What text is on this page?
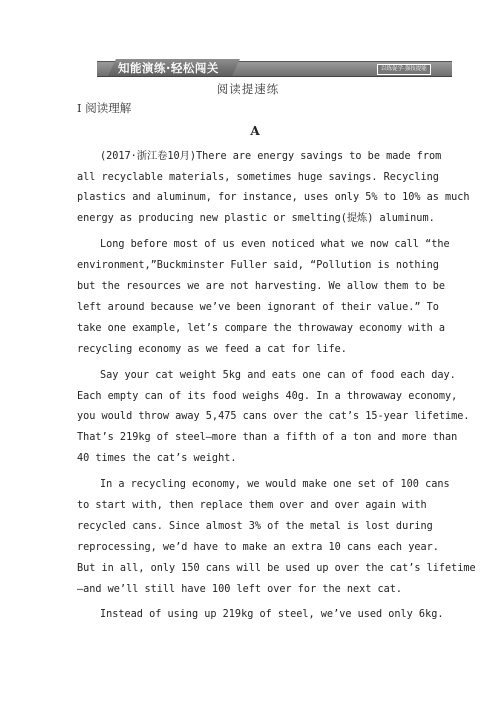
知能演练·轻松闯关	以练促学·强技提能
阅读提速练
Ⅰ 阅读理解
A
(2017·浙江卷10月)There are energy savings to be made from
all recyclable materials, sometimes huge savings. Recycling
plastics and aluminum, for instance, uses only 5% to 10% as much
energy as producing new plastic or smelting(提炼) aluminum.
Long before most of us even noticed what we now call “the
environment,”Buckminster Fuller said, “Pollution is nothing
but the resources we are not harvesting. We allow them to be
left around because we’ve been ignorant of their value.” To
take one example, let’s compare the throwaway economy with a
recycling economy as we feed a cat for life.
Say your cat weight 5kg and eats one can of food each day.
Each empty can of its food weighs 40g. In a throwaway economy,
you would throw away 5,475 cans over the cat’s 15-year lifetime.
That’s 219kg of steel—more than a fifth of a ton and more than
40 times the cat’s weight.
In a recycling economy, we would make one set of 100 cans
to start with, then replace them over and over again with
recycled cans. Since almost 3% of the metal is lost during
reprocessing, we’d have to make an extra 10 cans each year.
But in all, only 150 cans will be used up over the cat’s lifetime
—and we’ll still have 100 left over for the next cat.
Instead of using up 219kg of steel, we’ve used only 6kg.
